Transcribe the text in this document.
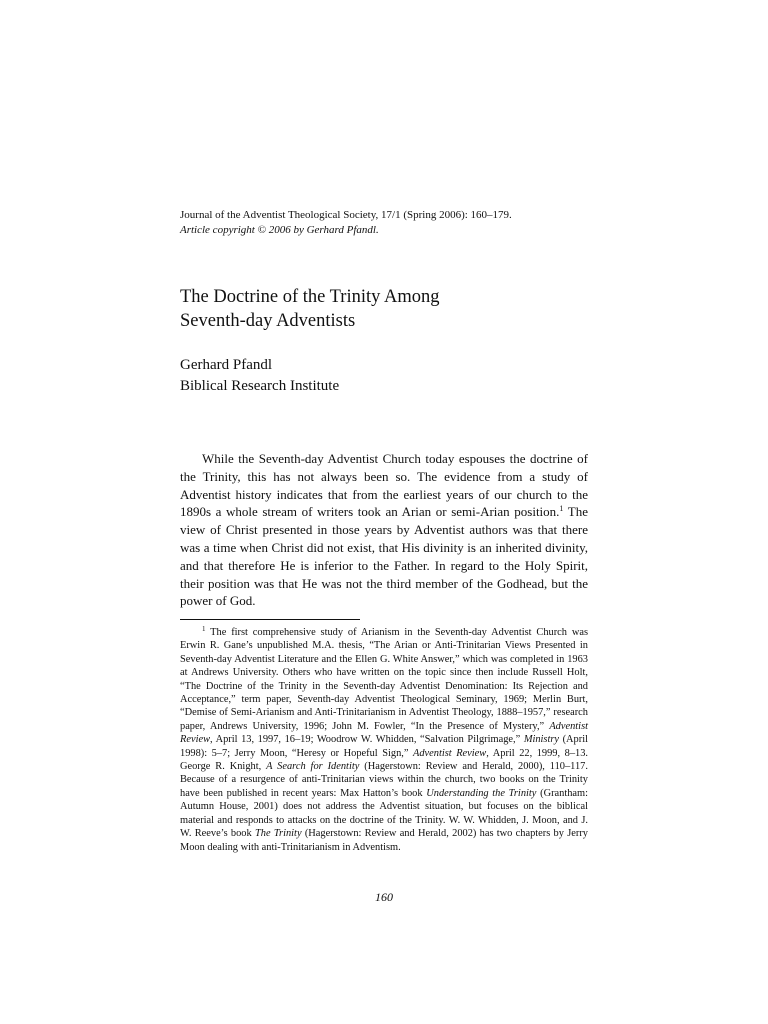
Journal of the Adventist Theological Society, 17/1 (Spring 2006): 160–179.
Article copyright © 2006 by Gerhard Pfandl.
The Doctrine of the Trinity Among
Seventh-day Adventists
Gerhard Pfandl
Biblical Research Institute

While the Seventh-day Adventist Church today espouses the doctrine of the Trinity, this has not always been so. The evidence from a study of Adventist history indicates that from the earliest years of our church to the 1890s a whole stream of writers took an Arian or semi-Arian position.$^1$ The view of Christ presented in those years by Adventist authors was that there was a time when Christ did not exist, that His divinity is an inherited divinity, and that therefore He is inferior to the Father. In regard to the Holy Spirit, their position was that He was not the third member of the Godhead, but the power of God.

$^1$ The first comprehensive study of Arianism in the Seventh-day Adventist Church was Erwin R. Gane’s unpublished M.A. thesis, “The Arian or Anti-Trinitarian Views Presented in Seventh-day Adventist Literature and the Ellen G. White Answer,” which was completed in 1963 at Andrews University. Others who have written on the topic since then include Russell Holt, “The Doctrine of the Trinity in the Seventh-day Adventist Denomination: Its Rejection and Acceptance,” term paper, Seventh-day Adventist Theological Seminary, 1969; Merlin Burt, “Demise of Semi-Arianism and Anti-Trinitarianism in Adventist Theology, 1888–1957,” research paper, Andrews University, 1996; John M. Fowler, “In the Presence of Mystery,” Adventist Review, April 13, 1997, 16–19; Woodrow W. Whidden, “Salvation Pilgrimage,” Ministry (April 1998): 5–7; Jerry Moon, “Heresy or Hopeful Sign,” Adventist Review, April 22, 1999, 8–13. George R. Knight, A Search for Identity (Hagerstown: Review and Herald, 2000), 110–117. Because of a resurgence of anti-Trinitarian views within the church, two books on the Trinity have been published in recent years: Max Hatton’s book Understanding the Trinity (Grantham: Autumn House, 2001) does not address the Adventist situation, but focuses on the biblical material and responds to attacks on the doctrine of the Trinity. W. W. Whidden, J. Moon, and J. W. Reeve’s book The Trinity (Hagerstown: Review and Herald, 2002) has two chapters by Jerry Moon dealing with anti-Trinitarianism in Adventism.

160
